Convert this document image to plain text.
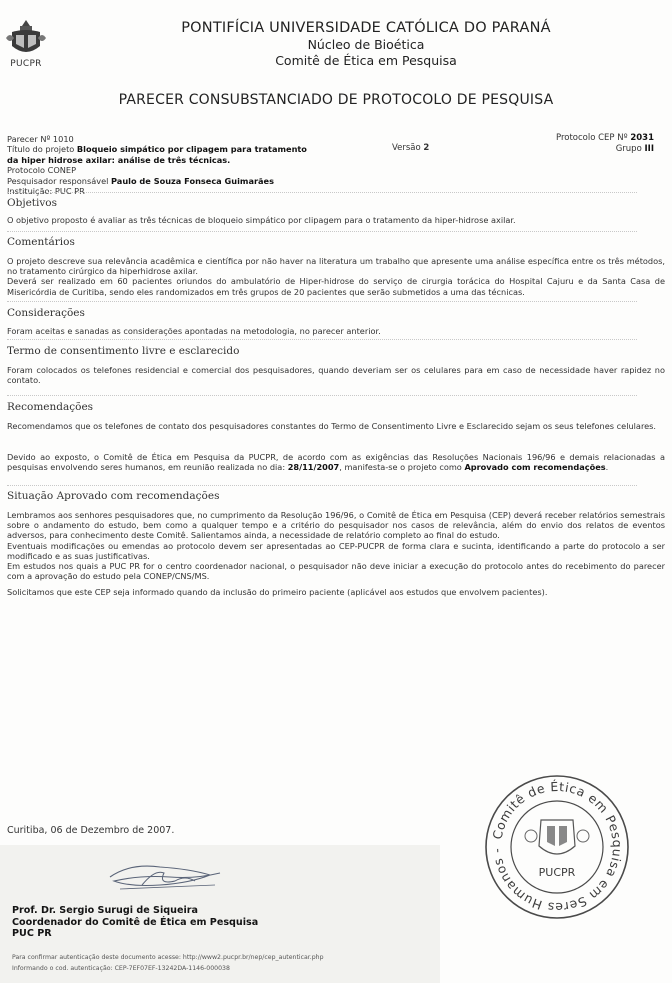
PUCPR
PONTIFÍCIA UNIVERSIDADE CATÓLICA DO PARANÁ
Núcleo de Bioética
Comitê de Ética em Pesquisa
PARECER CONSUBSTANCIADO DE PROTOCOLO DE PESQUISA
Parecer Nº 1010
Título do projeto Bloqueio simpático por clipagem para tratamento da hiper hidrose axilar: análise de três técnicas.
Protocolo CONEP
Pesquisador responsável Paulo de Souza Fonseca Guimarães
Instituição: PUC PR
Versão 2
Protocolo CEP Nº 2031
Grupo III
Objetivos
O objetivo proposto é avaliar as três técnicas de bloqueio simpático por clipagem para o tratamento da hiper-hidrose axilar.
Comentários
O projeto descreve sua relevância acadêmica e científica por não haver na literatura um trabalho que apresente uma análise específica entre os três métodos, no tratamento cirúrgico da hiperhidrose axilar.
Deverá ser realizado em 60 pacientes oriundos do ambulatório de Hiper-hidrose do serviço de cirurgia torácica do Hospital Cajuru e da Santa Casa de Misericórdia de Curitiba, sendo eles randomizados em três grupos de 20 pacientes que serão submetidos a uma das técnicas.
Considerações
Foram aceitas e sanadas as considerações apontadas na metodologia, no parecer anterior.
Termo de consentimento livre e esclarecido
Foram colocados os telefones residencial e comercial dos pesquisadores, quando deveriam ser os celulares para em caso de necessidade haver rapidez no contato.
Recomendações
Recomendamos que os telefones de contato dos pesquisadores constantes do Termo de Consentimento Livre e Esclarecido sejam os seus telefones celulares.
Devido ao exposto, o Comitê de Ética em Pesquisa da PUCPR, de acordo com as exigências das Resoluções Nacionais 196/96 e demais relacionadas a pesquisas envolvendo seres humanos, em reunião realizada no dia: 28/11/2007, manifesta-se o projeto como Aprovado com recomendações.
Situação Aprovado com recomendações
Lembramos aos senhores pesquisadores que, no cumprimento da Resolução 196/96, o Comitê de Ética em Pesquisa (CEP) deverá receber relatórios semestrais sobre o andamento do estudo, bem como a qualquer tempo e a critério do pesquisador nos casos de relevância, além do envio dos relatos de eventos adversos, para conhecimento deste Comitê. Salientamos ainda, a necessidade de relatório completo ao final do estudo.
Eventuais modificações ou emendas ao protocolo devem ser apresentadas ao CEP-PUCPR de forma clara e sucinta, identificando a parte do protocolo a ser modificado e as suas justificativas.
Em estudos nos quais a PUC PR for o centro coordenador nacional, o pesquisador não deve iniciar a execução do protocolo antes do recebimento do parecer com a aprovação do estudo pela CONEP/CNS/MS.
Solicitamos que este CEP seja informado quando da inclusão do primeiro paciente (aplicável aos estudos que envolvem pacientes).
Curitiba, 06 de Dezembro de 2007.
Prof. Dr. Sergio Surugi de Siqueira
Coordenador do Comitê de Ética em Pesquisa
PUC PR
Para confirmar autenticação deste documento acesse: http://www2.pucpr.br/nep/cep_autenticar.php
Informando o cod. autenticação: CEP-7EF07EF-13242DA-1146-000038
Comitê de Ética em Pesquisa em Seres Humanos -
PUCPR
